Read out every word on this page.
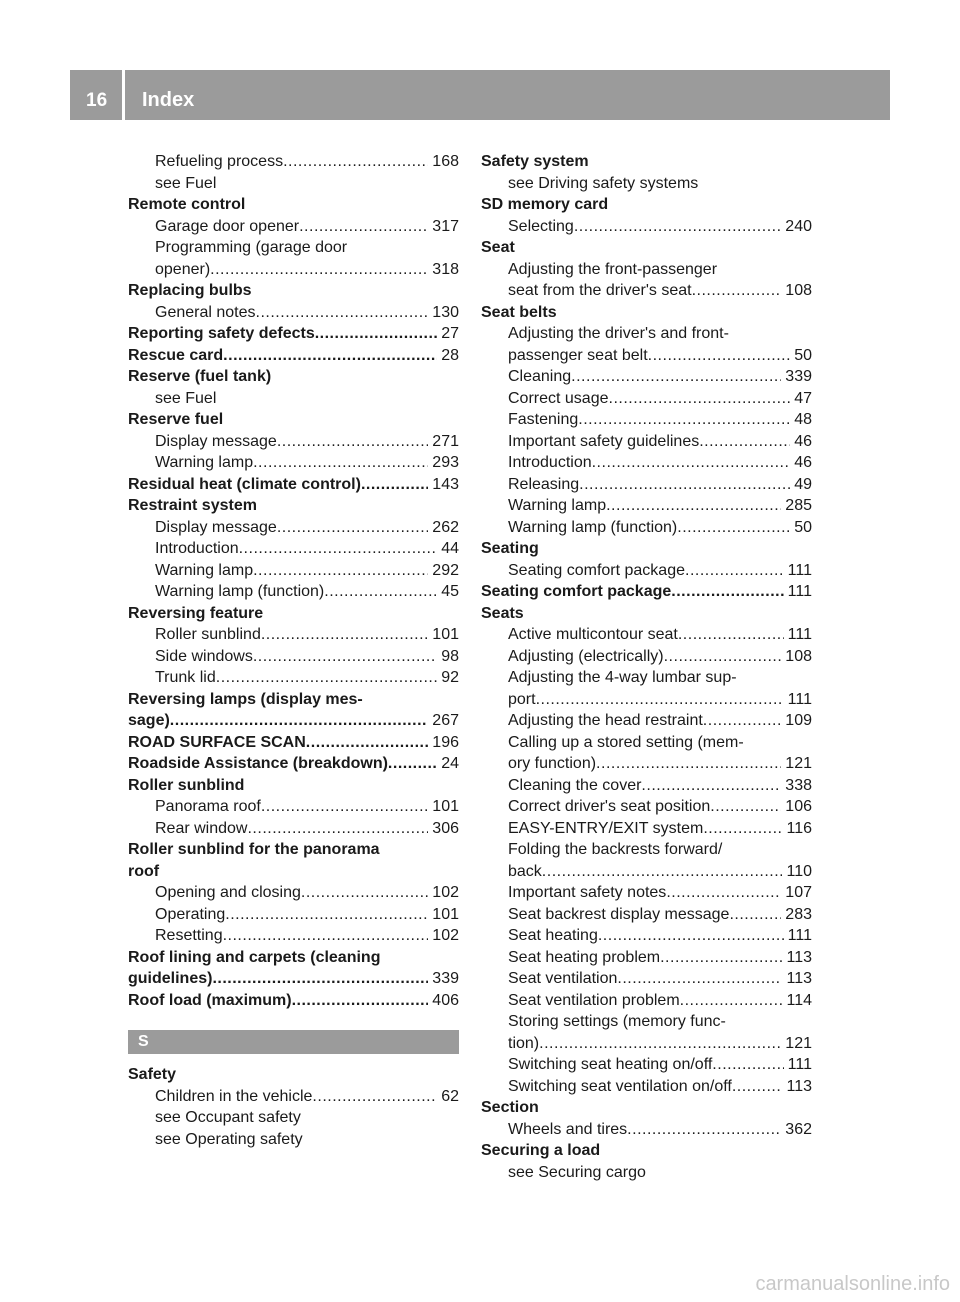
16 Index
Refueling process .....	168
see Fuel
Remote control
Garage door opener .....	317
Programming (garage door
opener) .....	318
Replacing bulbs
General notes .....	130
Reporting safety defects .....	27
Rescue card .....	28
Reserve (fuel tank)
see Fuel
Reserve fuel
Display message .....	271
Warning lamp .....	293
Residual heat (climate control) .....	143
Restraint system
Display message .....	262
Introduction .....	44
Warning lamp .....	292
Warning lamp (function) .....	45
Reversing feature
Roller sunblind .....	101
Side windows .....	98
Trunk lid .....	92
Reversing lamps (display mes-
sage) .....	267
ROAD SURFACE SCAN .....	196
Roadside Assistance (breakdown) .....	24
Roller sunblind
Panorama roof .....	101
Rear window .....	306
Roller sunblind for the panorama
roof
Opening and closing .....	102
Operating .....	101
Resetting .....	102
Roof lining and carpets (cleaning
guidelines) .....	339
Roof load (maximum) .....	406
S
Safety
Children in the vehicle .....	62
see Occupant safety
see Operating safety
Safety system
see Driving safety systems
SD memory card
Selecting .....	240
Seat
Adjusting the front-passenger
seat from the driver's seat .....	108
Seat belts
Adjusting the driver's and front-
passenger seat belt .....	50
Cleaning .....	339
Correct usage .....	47
Fastening .....	48
Important safety guidelines .....	46
Introduction .....	46
Releasing .....	49
Warning lamp .....	285
Warning lamp (function) .....	50
Seating
Seating comfort package .....	111
Seating comfort package .....	111
Seats
Active multicontour seat .....	111
Adjusting (electrically) .....	108
Adjusting the 4-way lumbar sup-
port .....	111
Adjusting the head restraint .....	109
Calling up a stored setting (mem-
ory function) .....	121
Cleaning the cover .....	338
Correct driver's seat position .....	106
EASY-ENTRY/EXIT system .....	116
Folding the backrests forward/
back .....	110
Important safety notes .....	107
Seat backrest display message .....	283
Seat heating .....	111
Seat heating problem .....	113
Seat ventilation .....	113
Seat ventilation problem .....	114
Storing settings (memory func-
tion) .....	121
Switching seat heating on/off .....	111
Switching seat ventilation on/off .....	113
Section
Wheels and tires .....	362
Securing a load
see Securing cargo
carmanualsonline.info
